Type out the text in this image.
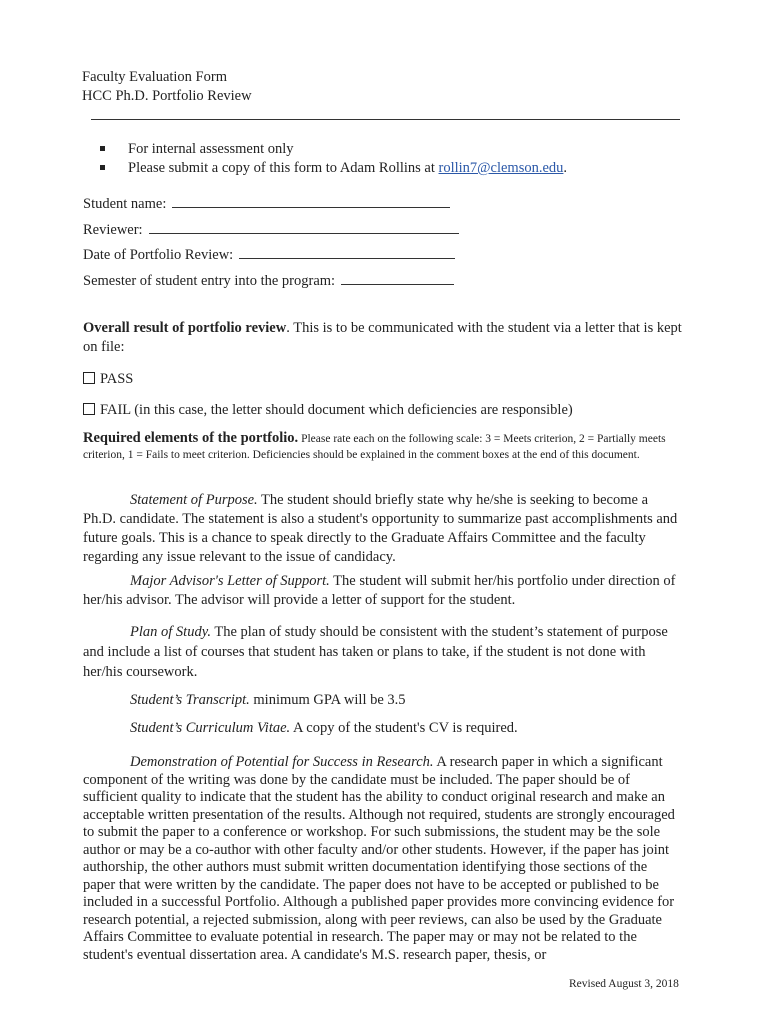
Faculty Evaluation Form
HCC Ph.D. Portfolio Review
For internal assessment only
Please submit a copy of this form to Adam Rollins at rollin7@clemson.edu.
Student name:
Reviewer:
Date of Portfolio Review:
Semester of student entry into the program:

Overall result of portfolio review. This is to be communicated with the student via a letter that is kept on file:

PASS
FAIL (in this case, the letter should document which deficiencies are responsible)

Required elements of the portfolio. Please rate each on the following scale: 3 = Meets criterion, 2 = Partially meets criterion, 1 = Fails to meet criterion. Deficiencies should be explained in the comment boxes at the end of this document.

Statement of Purpose. The student should briefly state why he/she is seeking to become a Ph.D. candidate. The statement is also a student's opportunity to summarize past accomplishments and future goals. This is a chance to speak directly to the Graduate Affairs Committee and the faculty regarding any issue relevant to the issue of candidacy.

Major Advisor's Letter of Support. The student will submit her/his portfolio under direction of her/his advisor. The advisor will provide a letter of support for the student.

Plan of Study. The plan of study should be consistent with the student’s statement of purpose and include a list of courses that student has taken or plans to take, if the student is not done with her/his coursework.

Student’s Transcript. minimum GPA will be 3.5

Student’s Curriculum Vitae. A copy of the student's CV is required.

Demonstration of Potential for Success in Research. A research paper in which a significant component of the writing was done by the candidate must be included. The paper should be of sufficient quality to indicate that the student has the ability to conduct original research and make an acceptable written presentation of the results. Although not required, students are strongly encouraged to submit the paper to a conference or workshop. For such submissions, the student may be the sole author or may be a co-author with other faculty and/or other students. However, if the paper has joint authorship, the other authors must submit written documentation identifying those sections of the paper that were written by the candidate. The paper does not have to be accepted or published to be included in a successful Portfolio. Although a published paper provides more convincing evidence for research potential, a rejected submission, along with peer reviews, can also be used by the Graduate Affairs Committee to evaluate potential in research. The paper may or may not be related to the student's eventual dissertation area. A candidate's M.S. research paper, thesis, or

Revised August 3, 2018
